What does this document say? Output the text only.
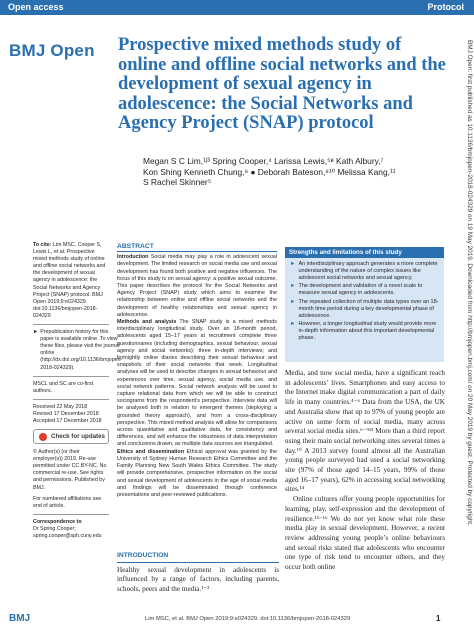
Open access	Protocol
BMJ Open Prospective mixed methods study of online and offline social networks and the development of sexual agency in adolescence: the Social Networks and Agency Project (SNAP) protocol
Megan S C Lim,¹ʲ³ Spring Cooper,⁴ Larissa Lewis,⁵ʶ Kath Albury,⁷
Kon Shing Kenneth Chung,⁸ ● Deborah Bateson,⁹¹⁰ Melissa Kang,¹¹
S Rachel Skinner⁵	BMJ Open: first published as 10.1136/bmjopen-2018-024329 on 19 May 2019. Downloaded from http://bmjopen.bmj.com/ on 20 May 2019 by guest. Protected by copyright.

To cite: Lim MSC, Cooper S, Lewis L, et al. Prospective mixed methods study of online and offline social networks and the development of sexual agency in adolescence: the Social Networks and Agency Project (SNAP) protocol. BMJ Open 2019;9:e024329. doi:10.1136/bmjopen-2018-024329

► Prepublication history for this paper is available online. To view these files, please visit the journal online (http://dx.doi.org/10.1136/bmjopen-2018-024329).

MSCL and SC are co-first authors.

Received 22 May 2018
Revised 17 December 2018
Accepted 17 December 2018

Check for updates

© Author(s) (or their employer(s)) 2019. Re-use permitted under CC BY-NC. No commercial re-use. See rights and permissions. Published by BMJ.

For numbered affiliations see end of article.

Correspondence to
Dr Spring Cooper;
spring.cooper@sph.cuny.edu

ABSTRACT

Introduction Social media may play a role in adolescent sexual development. The limited research on social media use and sexual development has found both positive and negative influences. The focus of this study is on sexual agency: a positive sexual outcome. This paper describes the protocol for the Social Networks and Agency Project (SNAP) study which aims to examine the relationship between online and offline social networks and the development of healthy relationships and sexual agency in adolescence.

Methods and analysis The SNAP study is a mixed methods interdisciplinary longitudinal study. Over an 18-month period, adolescents aged 15–17 years at recruitment complete three questionnaires (including demographics, sexual behaviour, sexual agency and social networks); three in-depth interviews; and fortnightly online diaries describing their sexual behaviour and snapshots of their social networks that week. Longitudinal analyses will be used to describe changes in sexual behaviour and experiences over time, sexual agency, social media use, and social network patterns. Social network analysis will be used to capture relational data from which we will be able to construct sociograms from the respondent’s perspective. Interview data will be analysed both in relation to emergent themes (deploying a grounded theory approach), and from a cross-disciplinary perspective. This mixed method analysis will allow for comparisons across quantitative and qualitative data, for consistency and differences, and will enhance the robustness of data interpretation and conclusions drawn, as multiple data sources are triangulated.

Ethics and dissemination Ethical approval was granted by the University of Sydney Human Research Ethics Committee and the Family Planning New South Wales Ethics Committee. The study will provide comprehensive, prospective information on the social and sexual development of adolescents in the age of social media and findings will be disseminated through conference presentations and peer-reviewed publications.

INTRODUCTION

Healthy sexual development in adolescents is influenced by a range of factors, including parents, schools, peers and the media.¹⁻³

Strengths and limitations of this study
► An interdisciplinary approach generates a more complete understanding of the nature of complex issues like adolescent social networks and sexual agency.
► The development and validation of a novel scale to measure sexual agency in adolescents.
► The repeated collection of multiple data types over an 18-month time period during a key developmental phase of adolescence.
► However, a longer longitudinal study would provide more in-depth information about this important developmental phase.

Media, and now social media, have a significant reach in adolescents’ lives. Smartphones and easy access to the Internet make digital communication a part of daily life in many countries.⁴⁻⁶ Data from the USA, the UK and Australia show that up to 97% of young people are active on some form of social media, many across several social media sites.⁶⁻⁹¹³ More than a third report using their main social networking sites several times a day.¹⁰ A 2013 survey found almost all the Australian young people surveyed had used a social networking site (97% of those aged 14–15 years, 99% of those aged 16–17 years), 62% in accessing social networking sites.¹⁴

Online cultures offer young people opportunities for learning, play, self-expression and the development of resilience.¹⁵⁻¹⁶ We do not yet know what role these media play in sexual development. However, a recent review addressing young people’s online behaviours and sexual risks stated that adolescents who encounter one type of risk tend to encounter others, and they occur both online

BMJ	Lim MSC, et al. BMJ Open 2019;9:e024329. doi:10.1136/bmjopen-2018-024329	1
